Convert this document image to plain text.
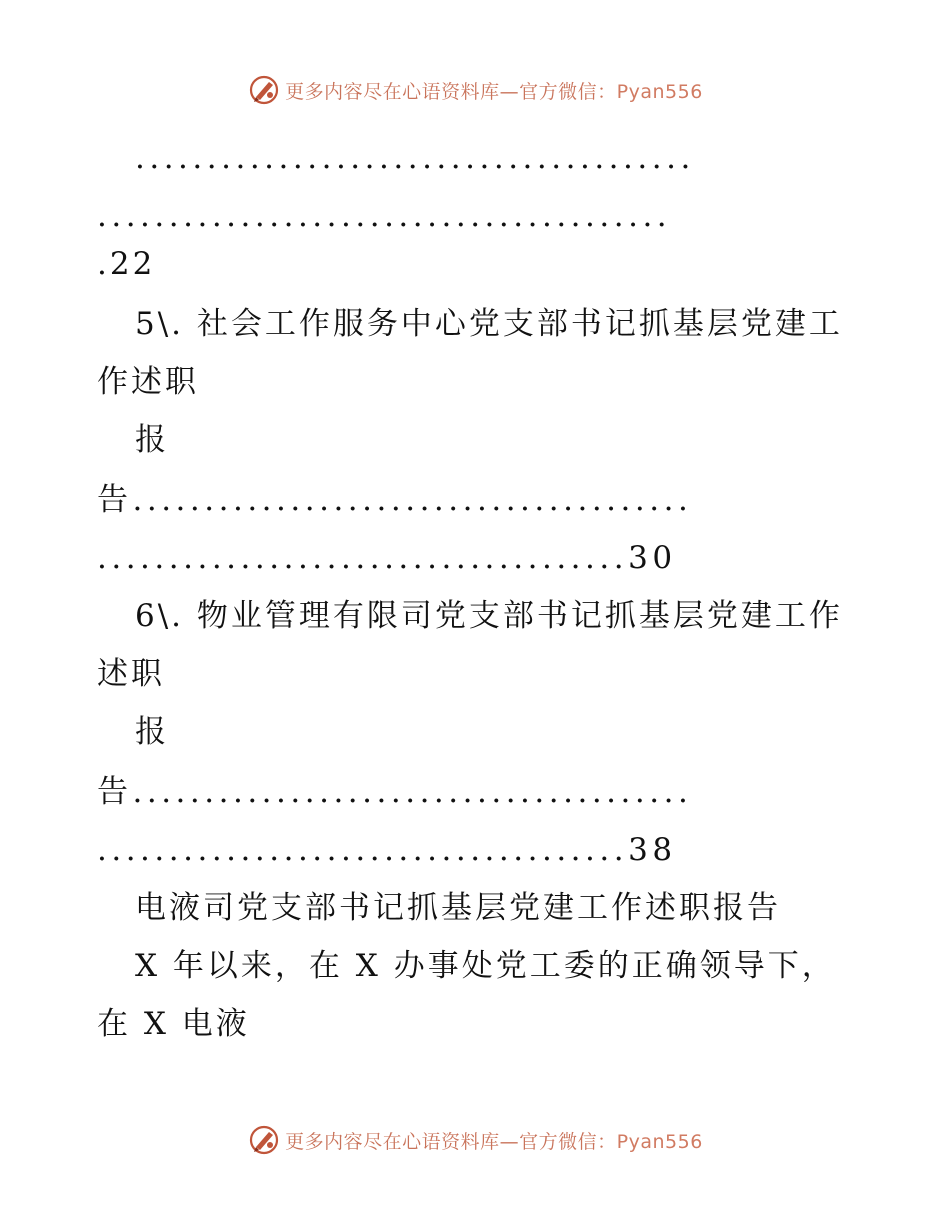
更多内容尽在心语资料库—官方微信：Pyan556
.......................................
........................................
.22
5\. 社会工作服务中心党支部书记抓基层党建工
作述职
报
告.......................................
.....................................30
6\. 物业管理有限司党支部书记抓基层党建工作
述职
报
告.......................................
.....................................38
电液司党支部书记抓基层党建工作述职报告
X 年以来，在 X 办事处党工委的正确领导下，
在 X 电液
更多内容尽在心语资料库—官方微信：Pyan556
